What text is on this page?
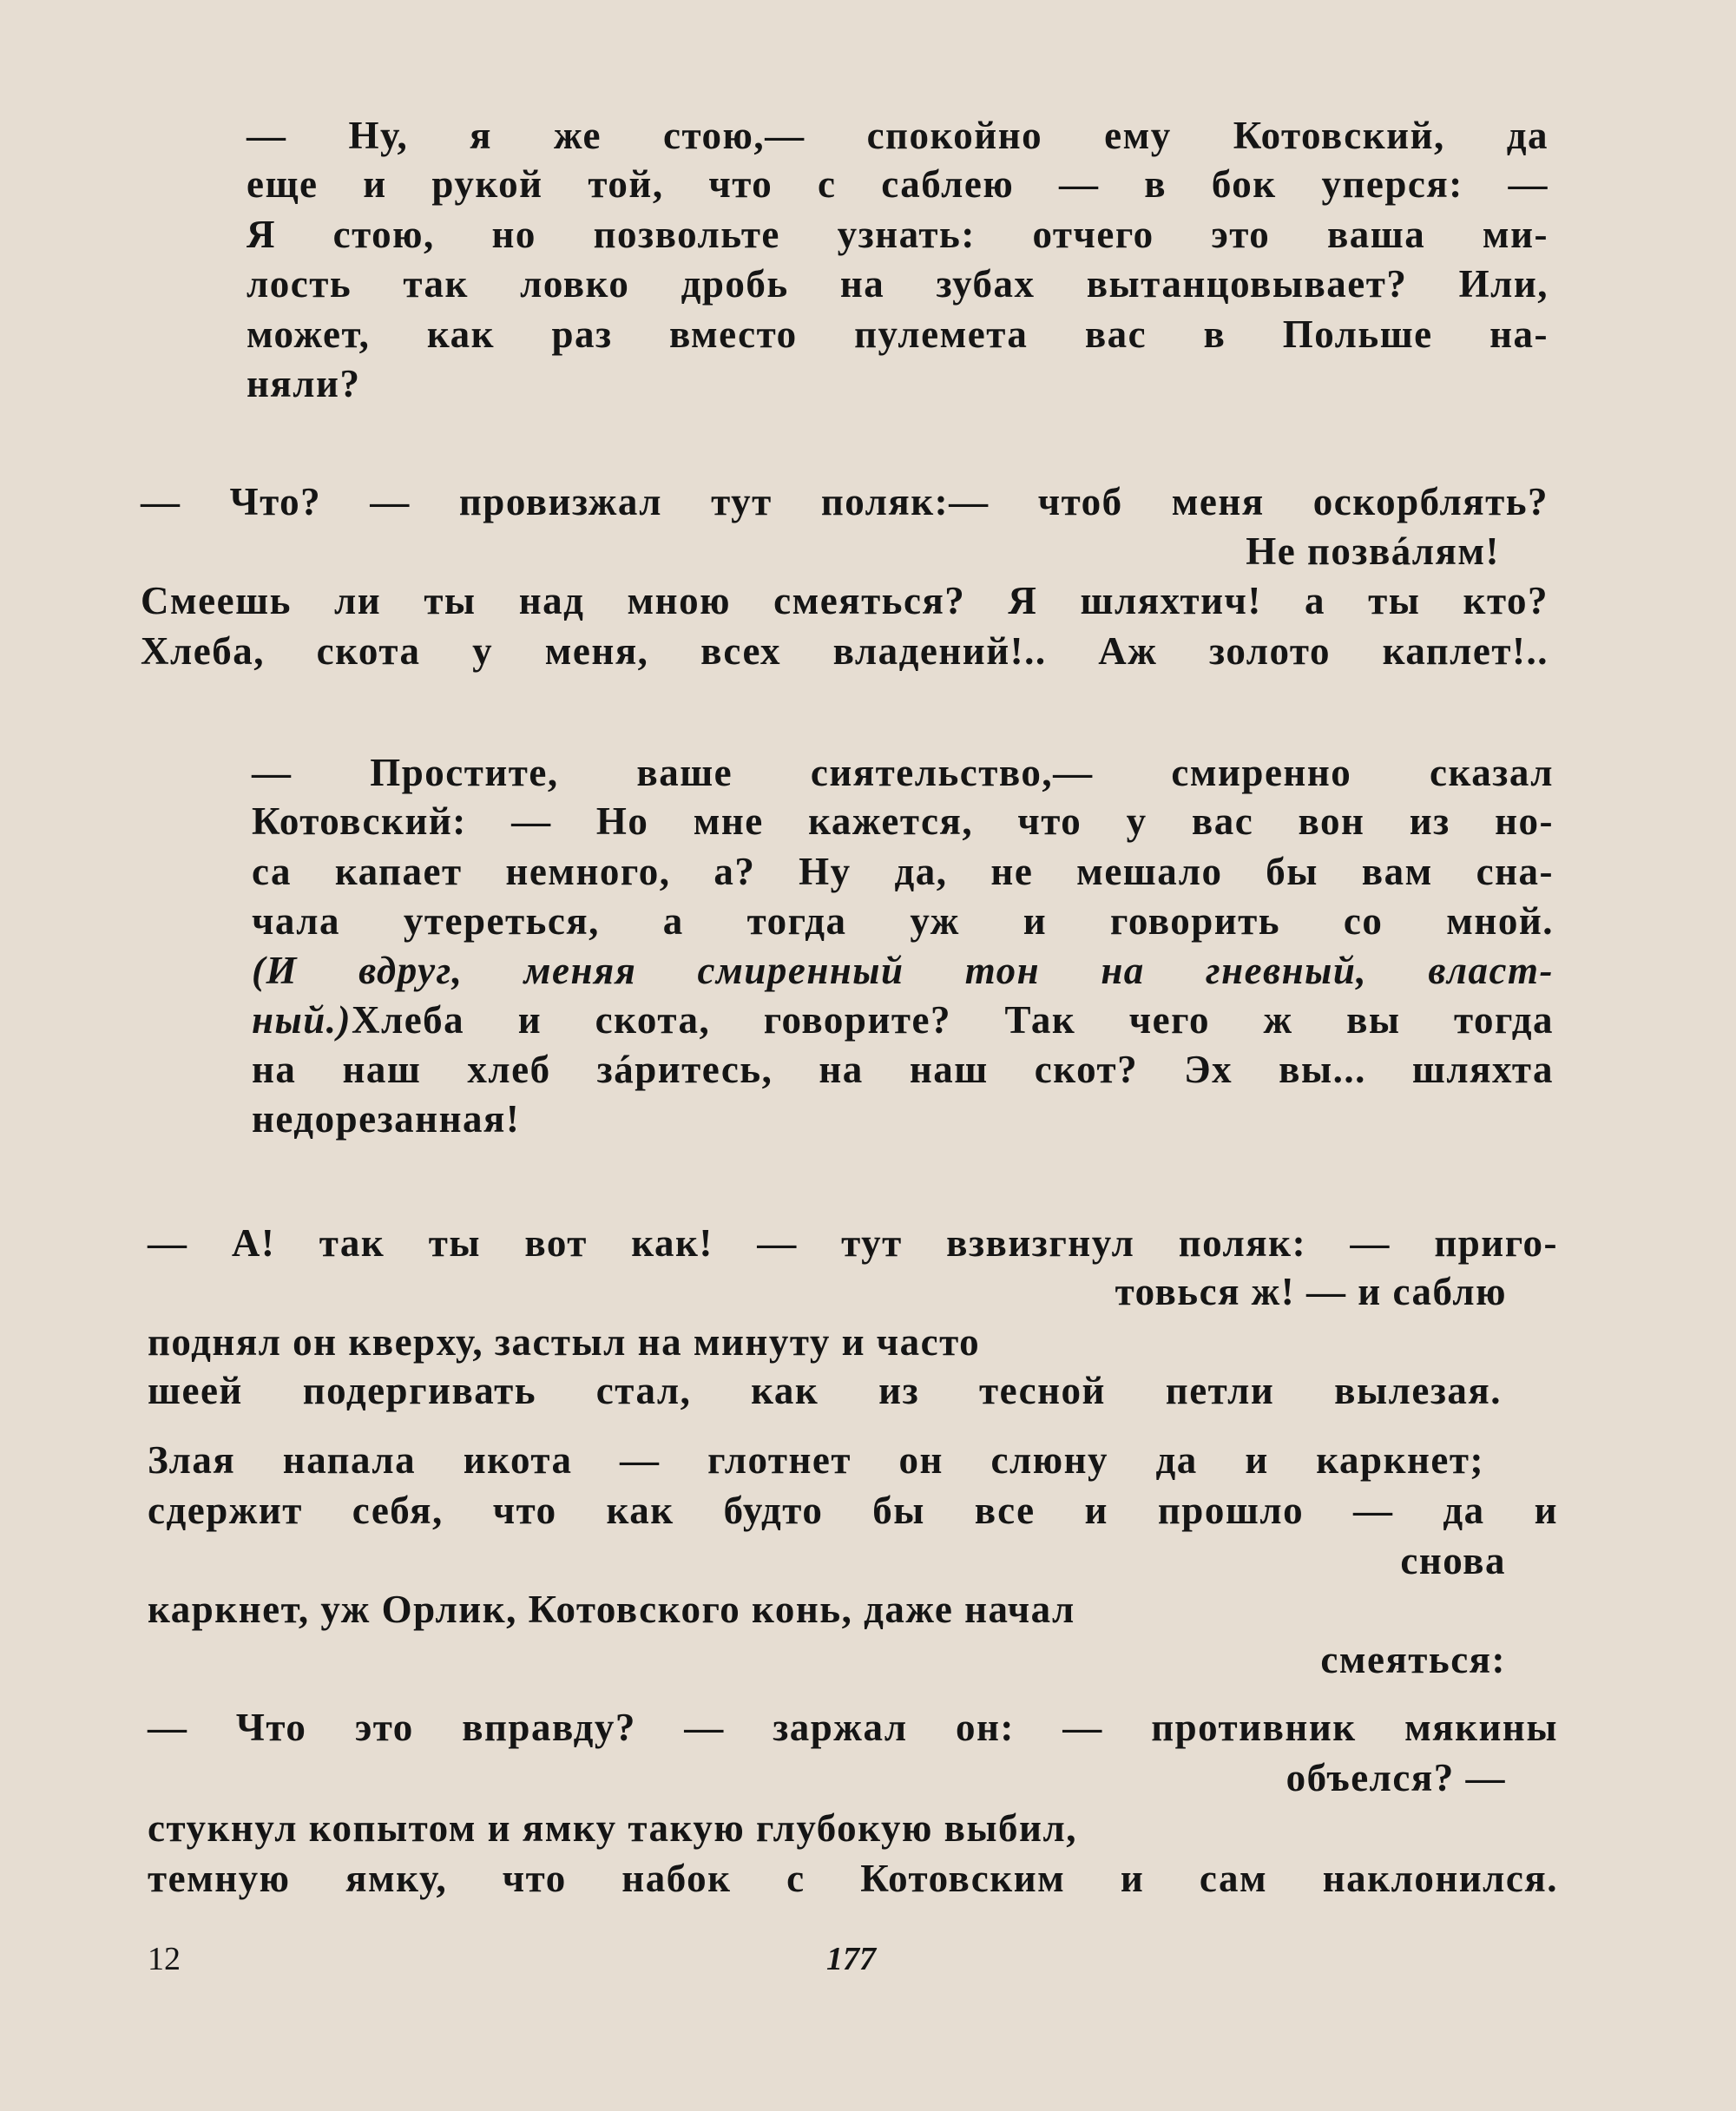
— Ну, я же стою,— спокойно ему Котовский, да
еще и рукой той, что с саблею — в бок уперся: —
Я стою, но позвольте узнать: отчего это ваша ми-
лость так ловко дробь на зубах вытанцовывает? Или,
может, как раз вместо пулемета вас в Польше на-
няли?
— Что? — провизжал тут поляк:— чтоб меня оскорблять?
Не позвáлям!
Смеешь ли ты над мною смеяться? Я шляхтич! а ты кто?
Хлеба, скота у меня, всех владений!.. Аж золото каплет!..
— Простите, ваше сиятельство,— смиренно сказал
Котовский: — Но мне кажется, что у вас вон из но-
са капает немного, а? Ну да, не мешало бы вам сна-
чала утереться, а тогда уж и говорить со мной.
(И вдруг, меняя смиренный тон на гневный, власт-
ный.) Хлеба и скота, говорите? Так чего ж вы тогда
на наш хлеб зáритесь, на наш скот? Эх вы... шляхта
недорезанная!
— А! так ты вот как! — тут взвизгнул поляк: — приго-
товься ж! — и саблю
поднял он кверху, застыл на минуту и часто
шеей подергивать стал, как из тесной петли вылезая.
Злая напала икота — глотнет он слюну да и каркнет;
сдержит себя, что как будто бы все и прошло — да и
снова
каркнет, уж Орлик, Котовского конь, даже начал
смеяться:
— Что это вправду? — заржал он: — противник мякины
объелся? —
стукнул копытом и ямку такую глубокую выбил,
темную ямку, что набок с Котовским и сам наклонился.
12	177
